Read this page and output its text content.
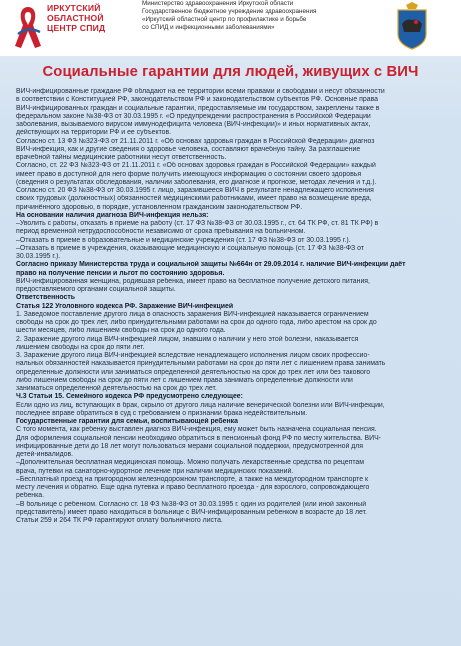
ИРКУТСКИЙ
ОБЛАСТНОЙ
ЦЕНТР СПИД
Министерство здравоохранения Иркутской области
Государственное бюджетное учреждение здравоохранения
«Иркутский областной центр по профилактике и борьбе
со СПИД и инфекционными заболеваниями»
Социальные гарантии для людей, живущих с ВИЧ

ВИЧ-инфицированные граждане РФ обладают на ее территории всеми правами и свободами и несут обязанности

в соответствии с Конституцией РФ, законодательством РФ и законодательством субъектов РФ. Основные права

ВИЧ-инфицированных граждан и социальные гарантии, предоставляемые им государством, закреплены также в

федеральном законе №38-ФЗ от 30.03.1995 г. «О предупреждении распространения в Российской Федерации

заболевания, вызываемого вирусом иммунодефицита человека (ВИЧ-инфекции)» и иных нормативных актах,

действующих на территории РФ и ее субъектов.

Согласно ст. 13 ФЗ №323-ФЗ от 21.11.2011 г. «Об основах здоровья граждан в Российской Федерации» диагноз

ВИЧ-инфекция, как и другие сведения о здоровье человека, составляют врачебную тайну. За разглашение

врачебной тайны медицинские работники несут ответственность.

Согласно, ст. 22 ФЗ №323-ФЗ от 21.11.2011 г. «Об основах здоровья граждан в Российской Федерации» каждый

имеет право в доступной для него форме получить имеющуюся информацию о состоянии своего здоровья

(сведения о результатах обследования, наличии заболевания, его диагнозе и прогнозе, методах лечения и т.д.).

Согласно ст. 20 ФЗ №38-ФЗ от 30.03.1995 г. лицо, заразившееся ВИЧ в результате ненадлежащего исполнения

своих трудовых (должностных) обязанностей медицинскими работниками, имеет право на возмещение вреда,

причинённого здоровью, в порядке, установленном гражданским законодательством РФ.

На основании наличия диагноза ВИЧ-инфекция нельзя:

–Уволить с работы, отказать в приеме на работу (ст. 17 ФЗ №38-ФЗ от 30.03.1995 г., ст. 64 ТК РФ, ст. 81 ТК РФ) в

период временной нетрудоспособности независимо от срока пребывания на больничном.

–Отказать в приеме в образовательные и медицинские учреждения (ст. 17 ФЗ №38-ФЗ от 30.03.1995 г.).

–Отказать в приеме в учреждения, оказывающие медицинскую и социальную помощь (ст. 17 ФЗ №38-ФЗ от

30.03.1995 г.).

Согласно приказу Министерства труда и социальной защиты №664н от 29.09.2014 г. наличие ВИЧ-инфекции даёт

право на получение пенсии и льгот по состоянию здоровья.

ВИЧ-инфицированная женщина, родившая ребенка, имеет право на бесплатное получение детского питания,

предоставляемого органами социальной защиты.

Ответственность

Статья 122 Уголовного кодекса РФ. Заражение ВИЧ-инфекцией

1. Заведомое поставление другого лица в опасность заражения ВИЧ-инфекцией наказывается ограничением

свободы на срок до трех лет, либо принудительными работами на срок до одного года, либо арестом на срок до

шести месяцев, либо лишением свободы на срок до одного года.

2. Заражение другого лица ВИЧ-инфекцией лицом, знавшим о наличии у него этой болезни, наказывается

лишением свободы на срок до пяти лет.

3. Заражение другого лица ВИЧ-инфекцией вследствие ненадлежащего исполнения лицом своих профессио-

нальных обязанностей наказывается принудительными работами на срок до пяти лет с лишением права занимать

определенные должности или заниматься определенной деятельностью на срок до трех лет или без такового

либо лишением свободы на срок до пяти лет с лишением права занимать определенные должности или

заниматься определенной деятельностью на срок до трех лет.

Ч.3 Статьи 15. Семейного кодекса РФ предусмотрено следующее:

Если одно из лиц, вступающих в брак, скрыло от другого лица наличие венерической болезни или ВИЧ-инфекции,

последнее вправе обратиться в суд с требованием о признании брака недействительным.

Государственные гарантии для семьи, воспитывающей ребенка

С того момента, как ребенку выставлен диагноз ВИЧ-инфекция, ему может быть назначена социальная пенсия.

Для оформления социальной пенсии необходимо обратиться в пенсионный фонд РФ по месту жительства. ВИЧ-

инфицированные дети до 18 лет могут пользоваться мерами социальной поддержки, предусмотренной для

детей-инвалидов.

–Дополнительная бесплатная медицинская помощь. Можно получать лекарственные средства по рецептам

врача, путевки на санаторно-курортное лечение при наличии медицинских показаний.

–Бесплатный проезд на пригородном железнодорожном транспорте, а также на междугородном транспорте к

месту лечения и обратно. Еще одна путевка и право бесплатного проезда - для взрослого, сопровождающего

ребенка.

–В больнице с ребенком. Согласно ст. 18 ФЗ №38-ФЗ от 30.03.1995 г. один из родителей (или иной законный

представитель) имеет право находиться в больнице с ВИЧ-инфицированным ребенком в возрасте до 18 лет.

Статьи 259 и 264 ТК РФ гарантируют оплату больничного листа.
